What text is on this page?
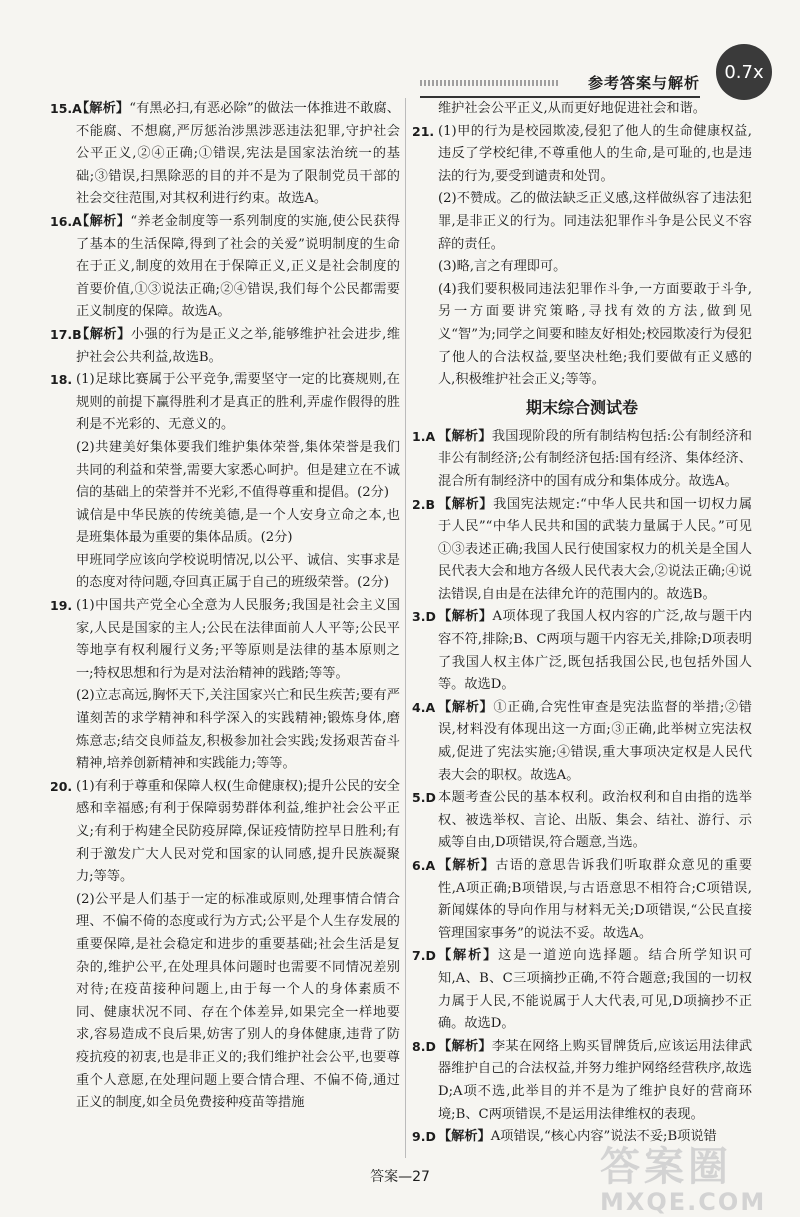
参考答案与解析
0.7x
15.A

【解析】“有黑必扫,有恶必除”的做法一体推进不敢腐、不能腐、不想腐,严厉惩治涉黑涉恶违法犯罪,守护社会公平正义,②④正确;①错误,宪法是国家法治统一的基础;③错误,扫黑除恶的目的并不是为了限制党员干部的社会交往范围,对其权利进行约束。故选A。

16.A

【解析】“养老金制度等一系列制度的实施,使公民获得了基本的生活保障,得到了社会的关爱”说明制度的生命在于正义,制度的效用在于保障正义,正义是社会制度的首要价值,①③说法正确;②④错误,我们每个公民都需要正义制度的保障。故选A。

17.B

【解析】小强的行为是正义之举,能够维护社会进步,维护社会公共利益,故选B。

18. (1)足球比赛属于公平竞争,需要坚守一定的比赛规则,在规则的前提下赢得胜利才是真正的胜利,弄虚作假得的胜利是不光彩的、无意义的。

(2)共建美好集体要我们维护集体荣誉,集体荣誉是我们共同的利益和荣誉,需要大家悉心呵护。但是建立在不诚信的基础上的荣誉并不光彩,不值得尊重和提倡。(2分)

诚信是中华民族的传统美德,是一个人安身立命之本,也是班集体最为重要的集体品质。(2分)

甲班同学应该向学校说明情况,以公平、诚信、实事求是的态度对待问题,夺回真正属于自己的班级荣誉。(2分)

19. (1)中国共产党全心全意为人民服务;我国是社会主义国家,人民是国家的主人;公民在法律面前人人平等;公民平等地享有权利履行义务;平等原则是法律的基本原则之一;特权思想和行为是对法治精神的践踏;等等。

(2)立志高远,胸怀天下,关注国家兴亡和民生疾苦;要有严谨刻苦的求学精神和科学深入的实践精神;锻炼身体,磨炼意志;结交良师益友,积极参加社会实践;发扬艰苦奋斗精神,培养创新精神和实践能力;等等。

20. (1)有利于尊重和保障人权(生命健康权);提升公民的安全感和幸福感;有利于保障弱势群体利益,维护社会公平正义;有利于构建全民防疫屏障,保证疫情防控早日胜利;有利于激发广大人民对党和国家的认同感,提升民族凝聚力;等等。

(2)公平是人们基于一定的标准或原则,处理事情合情合理、不偏不倚的态度或行为方式;公平是个人生存发展的重要保障,是社会稳定和进步的重要基础;社会生活是复杂的,维护公平,在处理具体问题时也需要不同情况差别对待;在疫苗接种问题上,由于每一个人的身体素质不同、健康状况不同、存在个体差异,如果完全一样地要求,容易造成不良后果,妨害了别人的身体健康,违背了防疫抗疫的初衷,也是非正义的;我们维护社会公平,也要尊重个人意愿,在处理问题上要合情合理、不偏不倚,通过正义的制度,如全员免费接种疫苗等措施

维护社会公平正义,从而更好地促进社会和谐。

21. (1)甲的行为是校园欺凌,侵犯了他人的生命健康权益,违反了学校纪律,不尊重他人的生命,是可耻的,也是违法的行为,要受到谴责和处罚。

(2)不赞成。乙的做法缺乏正义感,这样做纵容了违法犯罪,是非正义的行为。同违法犯罪作斗争是公民义不容辞的责任。

(3)略,言之有理即可。

(4)我们要积极同违法犯罪作斗争,一方面要敢于斗争,另一方面要讲究策略,寻找有效的方法,做到见义“智”为;同学之间要和睦友好相处;校园欺凌行为侵犯了他人的合法权益,要坚决杜绝;我们要做有正义感的人,积极维护社会正义;等等。

期末综合测试卷
1.A 【解析】我国现阶段的所有制结构包括:公有制经济和非公有制经济;公有制经济包括:国有经济、集体经济、混合所有制经济中的国有成分和集体成分。故选A。

2.B 【解析】我国宪法规定:“中华人民共和国一切权力属于人民”“中华人民共和国的武装力量属于人民。”可见①③表述正确;我国人民行使国家权力的机关是全国人民代表大会和地方各级人民代表大会,②说法正确;④说法错误,自由是在法律允许的范围内的。故选B。

3.D 【解析】A项体现了我国人权内容的广泛,故与题干内容不符,排除;B、C两项与题干内容无关,排除;D项表明了我国人权主体广泛,既包括我国公民,也包括外国人等。故选D。

4.A 【解析】①正确,合宪性审查是宪法监督的举措;②错误,材料没有体现出这一方面;③正确,此举树立宪法权威,促进了宪法实施;④错误,重大事项决定权是人民代表大会的职权。故选A。

5.D 本题考查公民的基本权利。政治权利和自由指的选举权、被选举权、言论、出版、集会、结社、游行、示威等自由,D项错误,符合题意,当选。

6.A 【解析】古语的意思告诉我们听取群众意见的重要性,A项正确;B项错误,与古语意思不相符合;C项错误,新闻媒体的导向作用与材料无关;D项错误,“公民直接管理国家事务”的说法不妥。故选A。

7.D 【解析】这是一道逆向选择题。结合所学知识可知,A、B、C三项摘抄正确,不符合题意;我国的一切权力属于人民,不能说属于人大代表,可见,D项摘抄不正确。故选D。

8.D 【解析】李某在网络上购买冒牌货后,应该运用法律武器维护自己的合法权益,并努力维护网络经营秩序,故选D;A项不选,此举目的并不是为了维护良好的营商环境;B、C两项错误,不是运用法律维权的表现。

9.D 【解析】A项错误,“核心内容”说法不妥;B项说错

答案—27	答案圈
MXQE.COM
